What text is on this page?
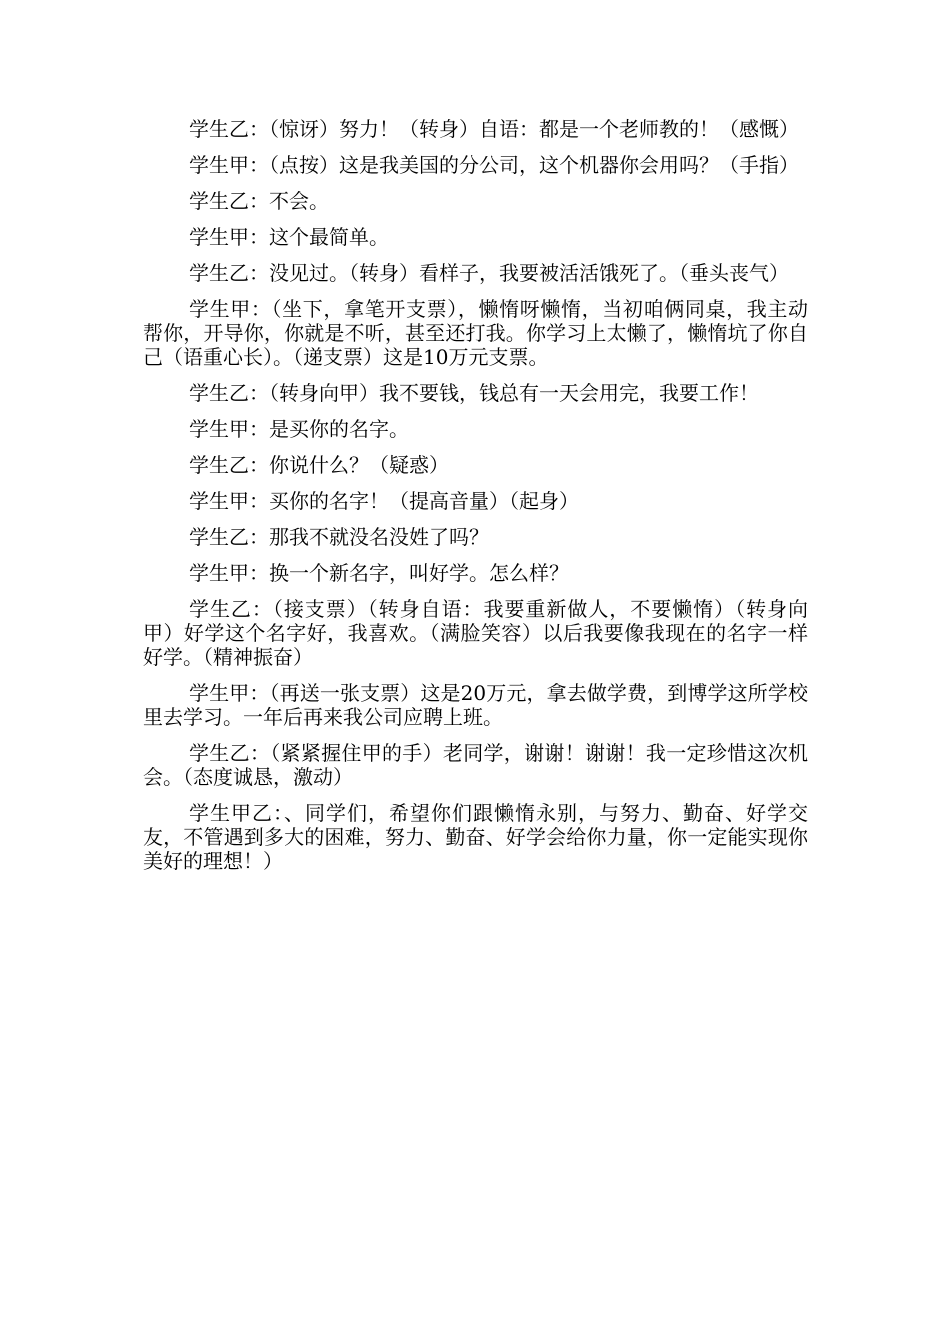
学生乙：（惊讶）努力！（转身）自语：都是一个老师教的！（感慨）

学生甲：（点按）这是我美国的分公司，这个机器你会用吗？（手指）

学生乙：不会。

学生甲：这个最简单。

学生乙：没见过。（转身）看样子，我要被活活饿死了。（垂头丧气）

学生甲：（坐下，拿笔开支票），懒惰呀懒惰，当初咱俩同桌，我主动帮你，开导你，你就是不听，甚至还打我。你学习上太懒了，懒惰坑了你自己（语重心长）。（递支票）这是10万元支票。

学生乙：（转身向甲）我不要钱，钱总有一天会用完，我要工作！

学生甲：是买你的名字。

学生乙：你说什么？（疑惑）

学生甲：买你的名字！（提高音量）（起身）

学生乙：那我不就没名没姓了吗？

学生甲：换一个新名字，叫好学。怎么样？

学生乙：（接支票）（转身自语：我要重新做人，不要懒惰）（转身向甲）好学这个名字好，我喜欢。（满脸笑容）以后我要像我现在的名字一样好学。（精神振奋）

学生甲：（再送一张支票）这是20万元，拿去做学费，到博学这所学校里去学习。一年后再来我公司应聘上班。

学生乙：（紧紧握住甲的手）老同学，谢谢！谢谢！我一定珍惜这次机会。（态度诚恳，激动）

学生甲乙：、同学们，希望你们跟懒惰永别，与努力、勤奋、好学交友，不管遇到多大的困难，努力、勤奋、好学会给你力量，你一定能实现你美好的理想！）
